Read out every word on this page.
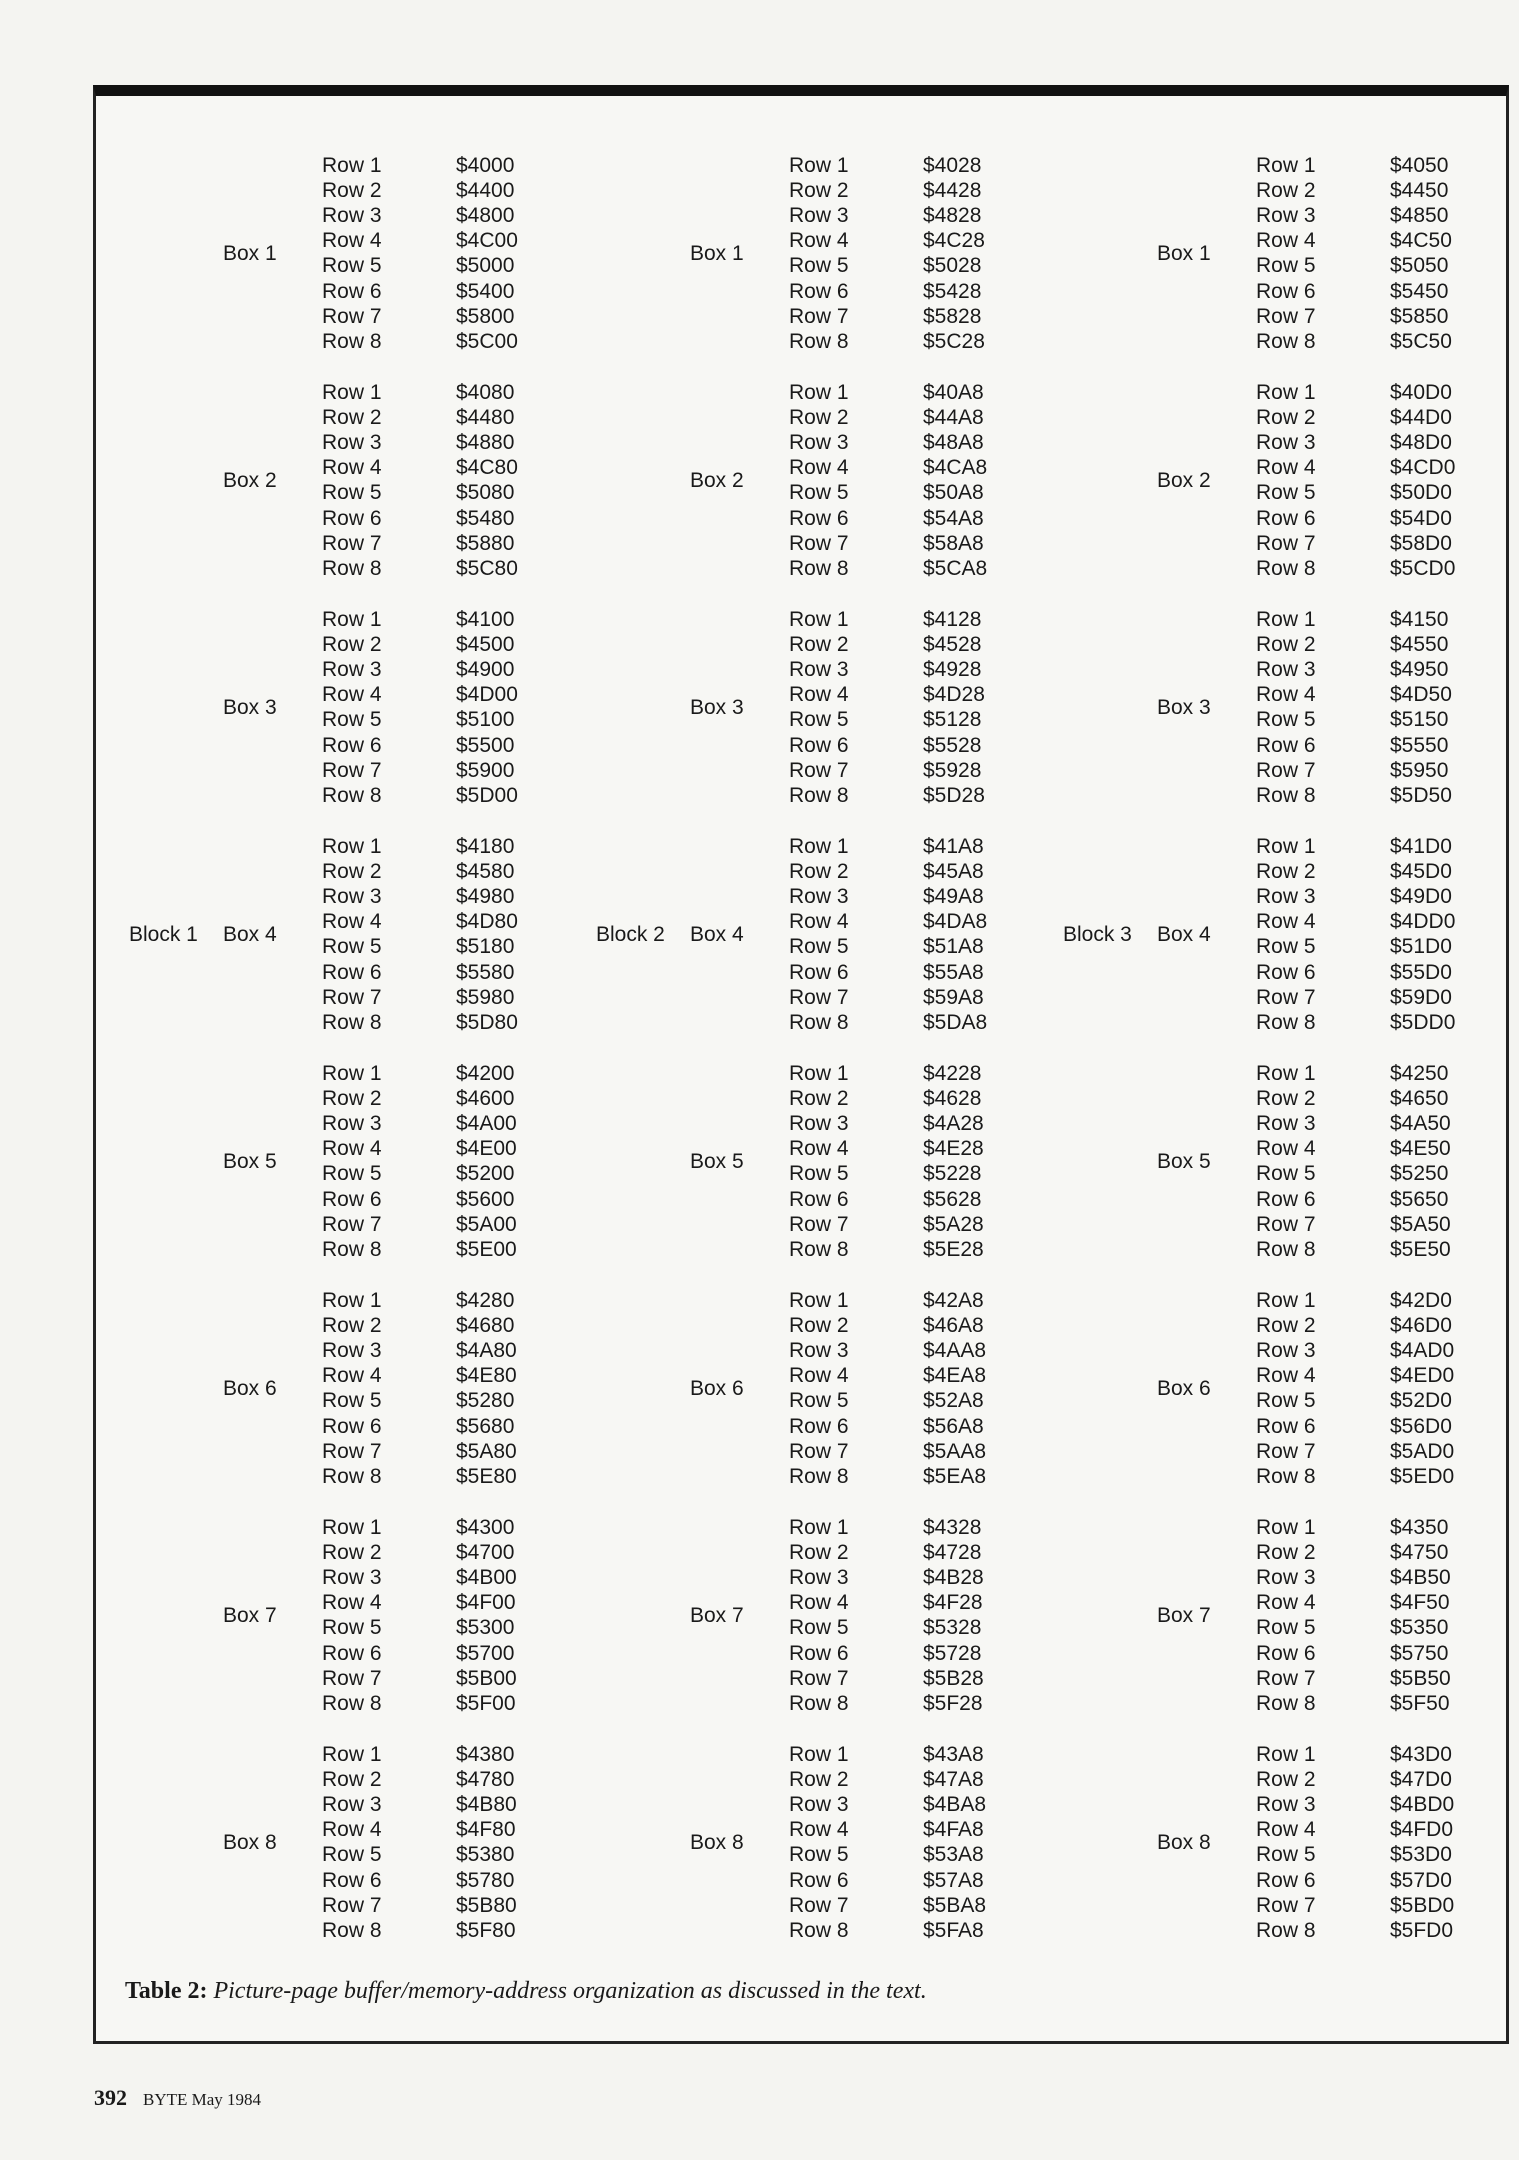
Block 1
Box 1
Row 1	$4000
Row 2	$4400
Row 3	$4800
Row 4	$4C00
Row 5	$5000
Row 6	$5400
Row 7	$5800
Row 8	$5C00
Box 2
Row 1	$4080
Row 2	$4480
Row 3	$4880
Row 4	$4C80
Row 5	$5080
Row 6	$5480
Row 7	$5880
Row 8	$5C80
Box 3
Row 1	$4100
Row 2	$4500
Row 3	$4900
Row 4	$4D00
Row 5	$5100
Row 6	$5500
Row 7	$5900
Row 8	$5D00
Box 4
Row 1	$4180
Row 2	$4580
Row 3	$4980
Row 4	$4D80
Row 5	$5180
Row 6	$5580
Row 7	$5980
Row 8	$5D80
Box 5
Row 1	$4200
Row 2	$4600
Row 3	$4A00
Row 4	$4E00
Row 5	$5200
Row 6	$5600
Row 7	$5A00
Row 8	$5E00
Box 6
Row 1	$4280
Row 2	$4680
Row 3	$4A80
Row 4	$4E80
Row 5	$5280
Row 6	$5680
Row 7	$5A80
Row 8	$5E80
Box 7
Row 1	$4300
Row 2	$4700
Row 3	$4B00
Row 4	$4F00
Row 5	$5300
Row 6	$5700
Row 7	$5B00
Row 8	$5F00
Box 8
Row 1	$4380
Row 2	$4780
Row 3	$4B80
Row 4	$4F80
Row 5	$5380
Row 6	$5780
Row 7	$5B80
Row 8	$5F80
Block 2
Box 1
Row 1	$4028
Row 2	$4428
Row 3	$4828
Row 4	$4C28
Row 5	$5028
Row 6	$5428
Row 7	$5828
Row 8	$5C28
Box 2
Row 1	$40A8
Row 2	$44A8
Row 3	$48A8
Row 4	$4CA8
Row 5	$50A8
Row 6	$54A8
Row 7	$58A8
Row 8	$5CA8
Box 3
Row 1	$4128
Row 2	$4528
Row 3	$4928
Row 4	$4D28
Row 5	$5128
Row 6	$5528
Row 7	$5928
Row 8	$5D28
Box 4
Row 1	$41A8
Row 2	$45A8
Row 3	$49A8
Row 4	$4DA8
Row 5	$51A8
Row 6	$55A8
Row 7	$59A8
Row 8	$5DA8
Box 5
Row 1	$4228
Row 2	$4628
Row 3	$4A28
Row 4	$4E28
Row 5	$5228
Row 6	$5628
Row 7	$5A28
Row 8	$5E28
Box 6
Row 1	$42A8
Row 2	$46A8
Row 3	$4AA8
Row 4	$4EA8
Row 5	$52A8
Row 6	$56A8
Row 7	$5AA8
Row 8	$5EA8
Box 7
Row 1	$4328
Row 2	$4728
Row 3	$4B28
Row 4	$4F28
Row 5	$5328
Row 6	$5728
Row 7	$5B28
Row 8	$5F28
Box 8
Row 1	$43A8
Row 2	$47A8
Row 3	$4BA8
Row 4	$4FA8
Row 5	$53A8
Row 6	$57A8
Row 7	$5BA8
Row 8	$5FA8
Block 3
Box 1
Row 1	$4050
Row 2	$4450
Row 3	$4850
Row 4	$4C50
Row 5	$5050
Row 6	$5450
Row 7	$5850
Row 8	$5C50
Box 2
Row 1	$40D0
Row 2	$44D0
Row 3	$48D0
Row 4	$4CD0
Row 5	$50D0
Row 6	$54D0
Row 7	$58D0
Row 8	$5CD0
Box 3
Row 1	$4150
Row 2	$4550
Row 3	$4950
Row 4	$4D50
Row 5	$5150
Row 6	$5550
Row 7	$5950
Row 8	$5D50
Box 4
Row 1	$41D0
Row 2	$45D0
Row 3	$49D0
Row 4	$4DD0
Row 5	$51D0
Row 6	$55D0
Row 7	$59D0
Row 8	$5DD0
Box 5
Row 1	$4250
Row 2	$4650
Row 3	$4A50
Row 4	$4E50
Row 5	$5250
Row 6	$5650
Row 7	$5A50
Row 8	$5E50
Box 6
Row 1	$42D0
Row 2	$46D0
Row 3	$4AD0
Row 4	$4ED0
Row 5	$52D0
Row 6	$56D0
Row 7	$5AD0
Row 8	$5ED0
Box 7
Row 1	$4350
Row 2	$4750
Row 3	$4B50
Row 4	$4F50
Row 5	$5350
Row 6	$5750
Row 7	$5B50
Row 8	$5F50
Box 8
Row 1	$43D0
Row 2	$47D0
Row 3	$4BD0
Row 4	$4FD0
Row 5	$53D0
Row 6	$57D0
Row 7	$5BD0
Row 8	$5FD0
Table 2: Picture-page buffer/memory-address organization as discussed in the text.
392 BYTE May 1984
